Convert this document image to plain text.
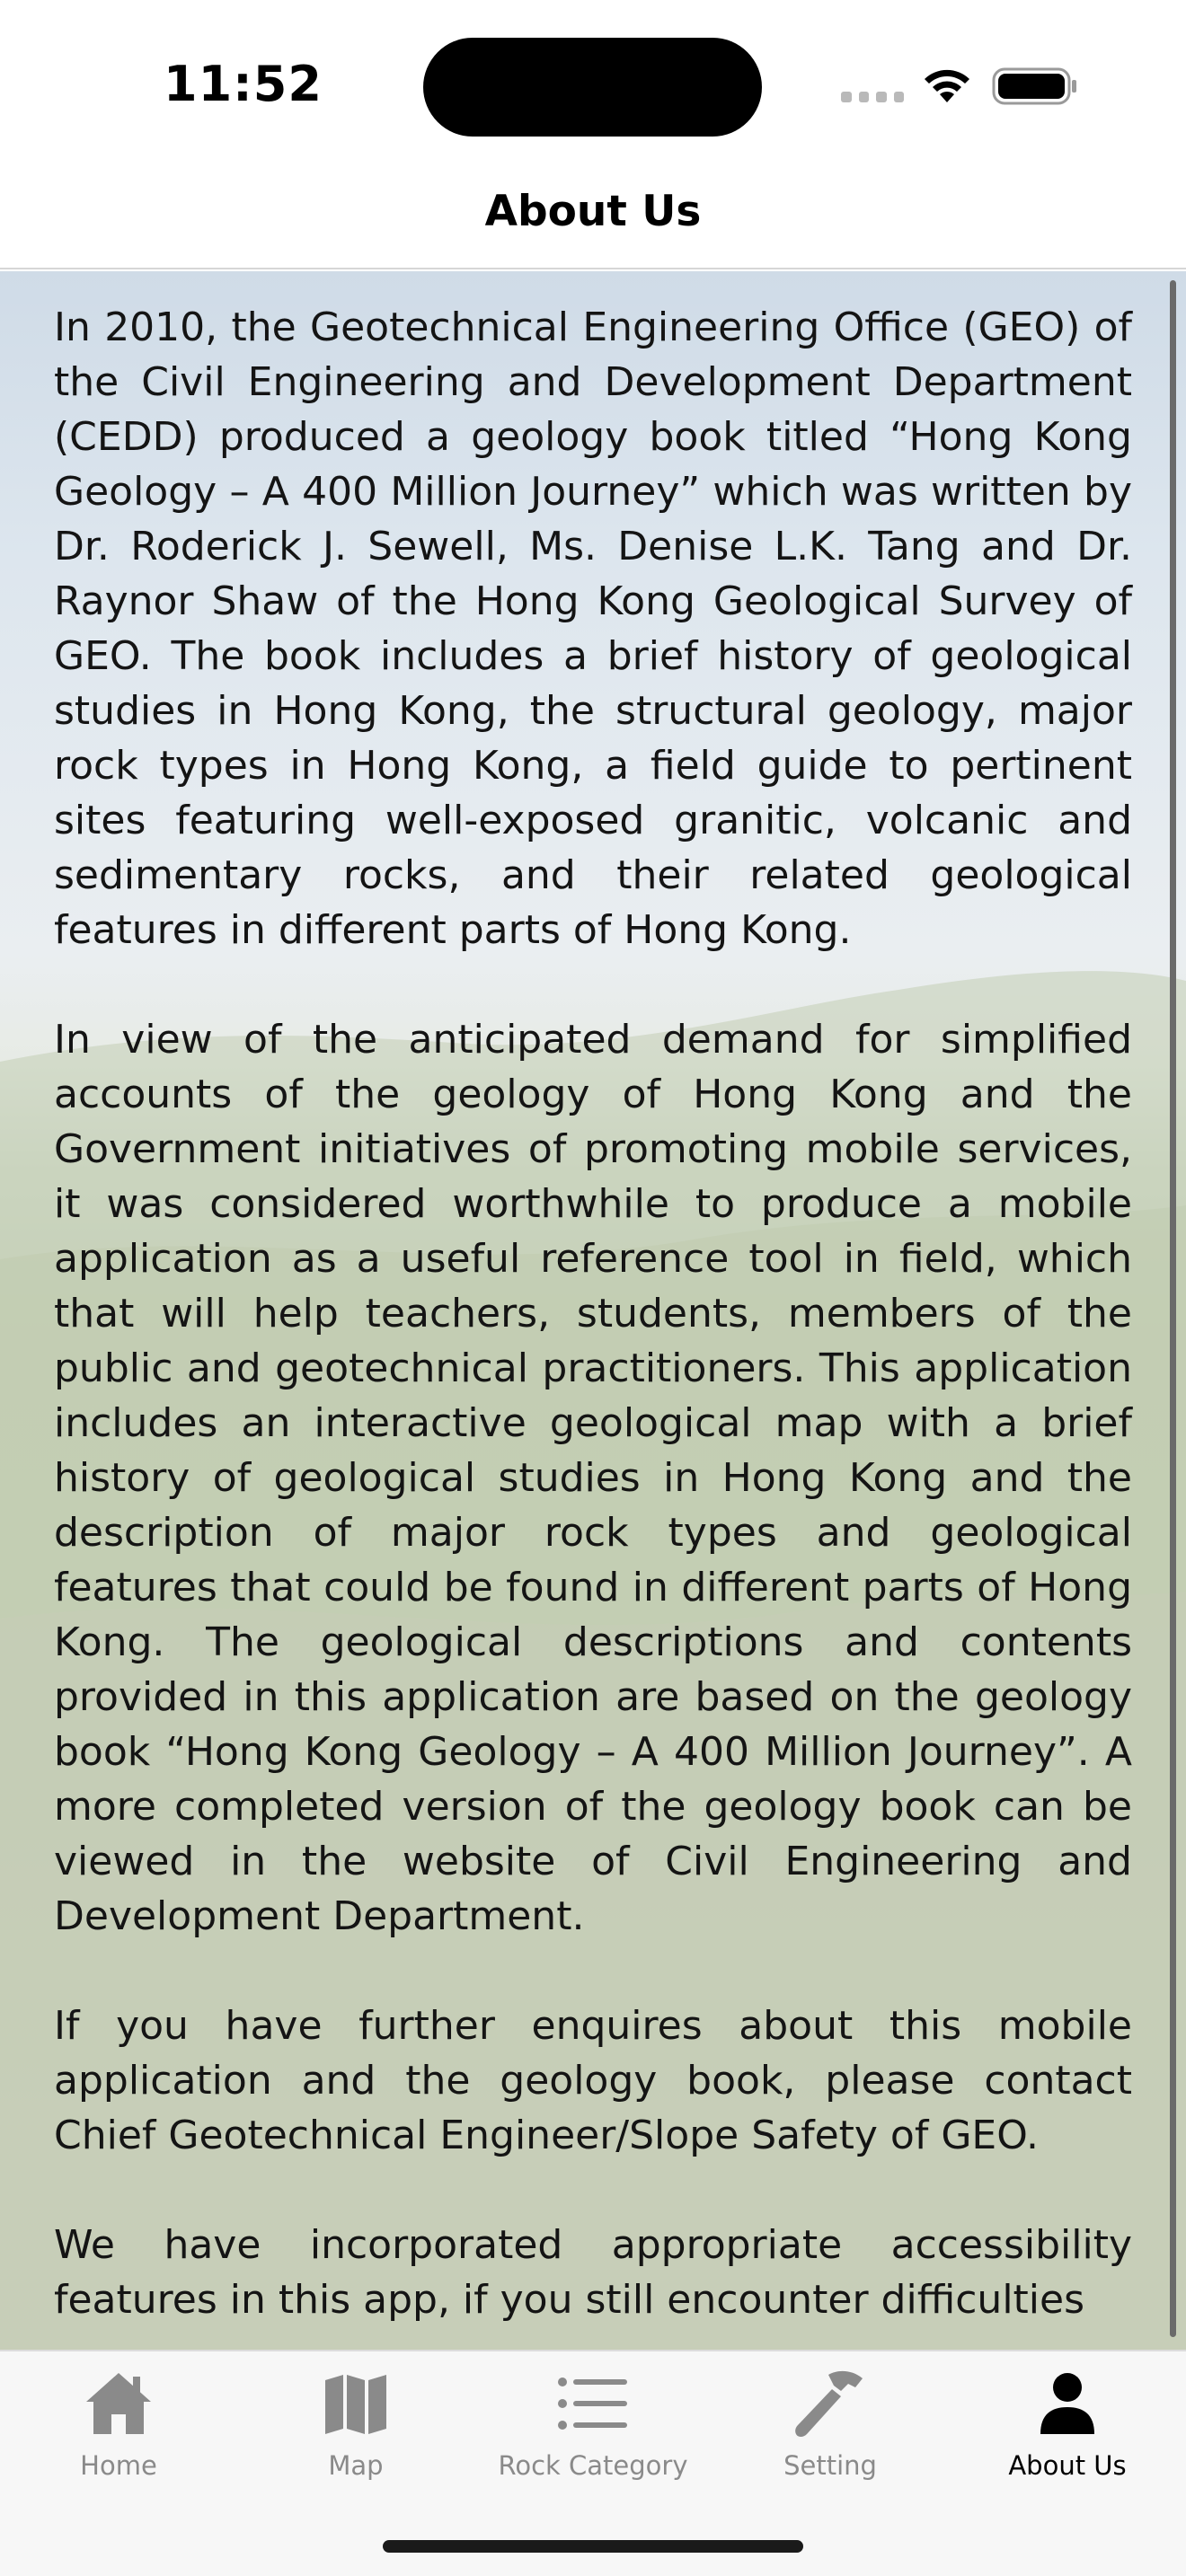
11:52
About Us

In 2010, the Geotechnical Engineering Office (GEO) of the Civil Engineering and Development Department (CEDD) produced a geology book titled “Hong Kong Geology – A 400 Million Journey” which was written by Dr. Roderick J. Sewell, Ms. Denise L.K. Tang and Dr. Raynor Shaw of the Hong Kong Geological Survey of GEO. The book includes a brief history of geological studies in Hong Kong, the structural geology, major rock types in Hong Kong, a field guide to pertinent sites featuring well-exposed granitic, volcanic and sedimentary rocks, and their related geological features in different parts of Hong Kong.

In view of the anticipated demand for simplified accounts of the geology of Hong Kong and the Government initiatives of promoting mobile services, it was considered worthwhile to produce a mobile application as a useful reference tool in field, which that will help teachers, students, members of the public and geotechnical practitioners. This application includes an interactive geological map with a brief history of geological studies in Hong Kong and the description of major rock types and geological features that could be found in different parts of Hong Kong. The geological descriptions and contents provided in this application are based on the geology book “Hong Kong Geology – A 400 Million Journey”. A more completed version of the geology book can be viewed in the website of Civil Engineering and Development Department.

If you have further enquires about this mobile application and the geology book, please contact Chief Geotechnical Engineer/Slope Safety of GEO.

We have incorporated appropriate accessibility features in this app, if you still encounter difficulties

Home	Map	Rock Category	Setting	About Us
